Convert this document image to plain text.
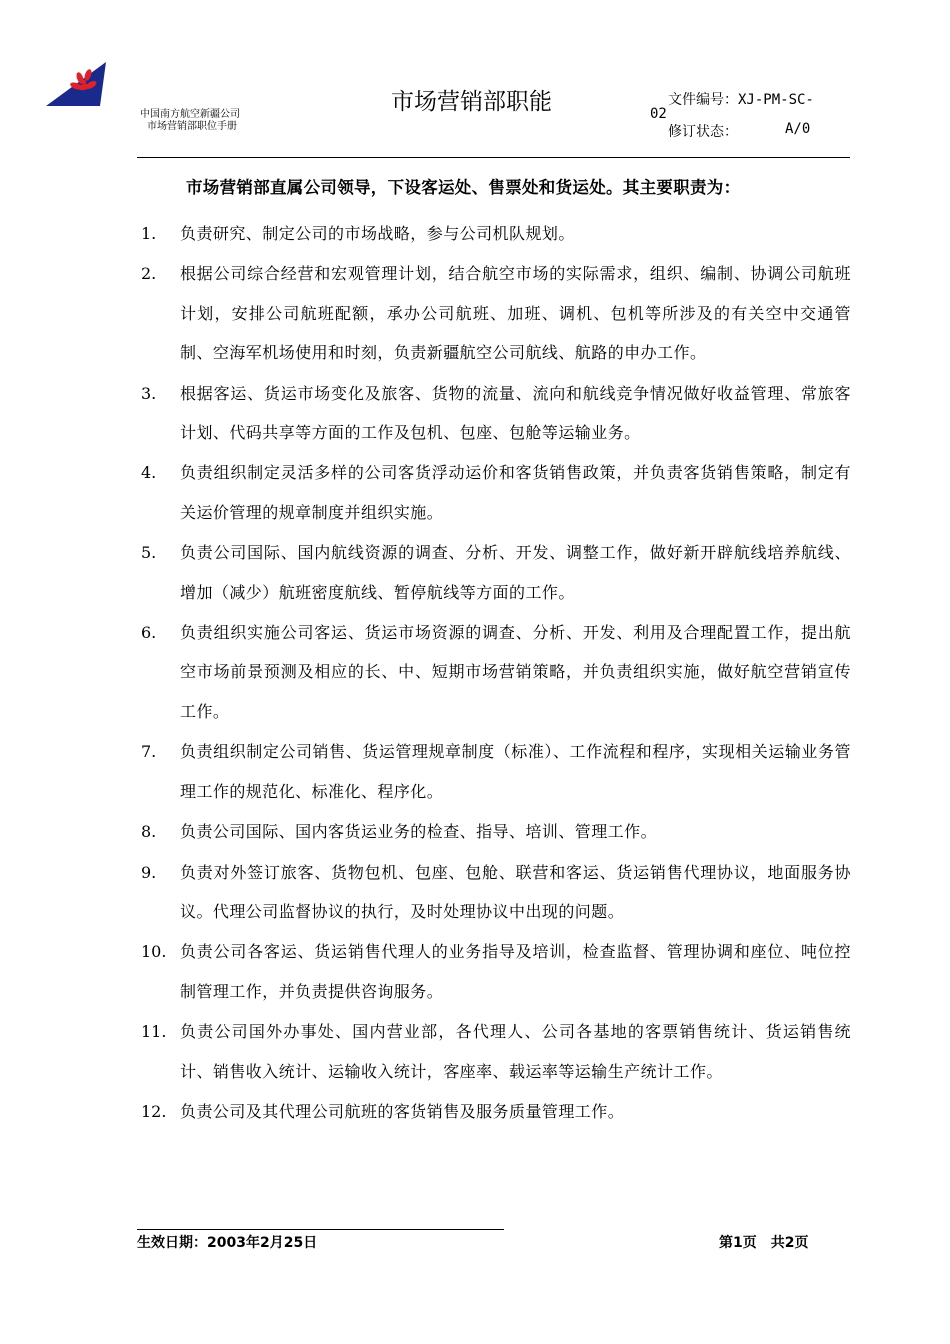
中国南方航空新疆公司
市场营销部职位手册
市场营销部职能	文件编号：XJ-PM-SC-
02
修订状态：	A/0
市场营销部直属公司领导，下设客运处、售票处和货运处。其主要职责为：
1.	负责研究、制定公司的市场战略，参与公司机队规划。
2.	根据公司综合经营和宏观管理计划，结合航空市场的实际需求，组织、编制、协调公司航班计划，安排公司航班配额，承办公司航班、加班、调机、包机等所涉及的有关空中交通管制、空海军机场使用和时刻，负责新疆航空公司航线、航路的申办工作。
3.	根据客运、货运市场变化及旅客、货物的流量、流向和航线竞争情况做好收益管理、常旅客计划、代码共享等方面的工作及包机、包座、包舱等运输业务。
4.	负责组织制定灵活多样的公司客货浮动运价和客货销售政策，并负责客货销售策略，制定有关运价管理的规章制度并组织实施。
5.	负责公司国际、国内航线资源的调查、分析、开发、调整工作，做好新开辟航线培养航线、增加（减少）航班密度航线、暂停航线等方面的工作。
6.	负责组织实施公司客运、货运市场资源的调查、分析、开发、利用及合理配置工作，提出航空市场前景预测及相应的长、中、短期市场营销策略，并负责组织实施，做好航空营销宣传工作。
7.	负责组织制定公司销售、货运管理规章制度（标准）、工作流程和程序，实现相关运输业务管理工作的规范化、标准化、程序化。
8.	负责公司国际、国内客货运业务的检查、指导、培训、管理工作。
9.	负责对外签订旅客、货物包机、包座、包舱、联营和客运、货运销售代理协议，地面服务协议。代理公司监督协议的执行，及时处理协议中出现的问题。
10. 负责公司各客运、货运销售代理人的业务指导及培训，检查监督、管理协调和座位、吨位控制管理工作，并负责提供咨询服务。
11. 负责公司国外办事处、国内营业部，各代理人、公司各基地的客票销售统计、货运销售统计、销售收入统计、运输收入统计，客座率、载运率等运输生产统计工作。
12. 负责公司及其代理公司航班的客货销售及服务质量管理工作。
生效日期：2003年2月25日	第1页 共2页
